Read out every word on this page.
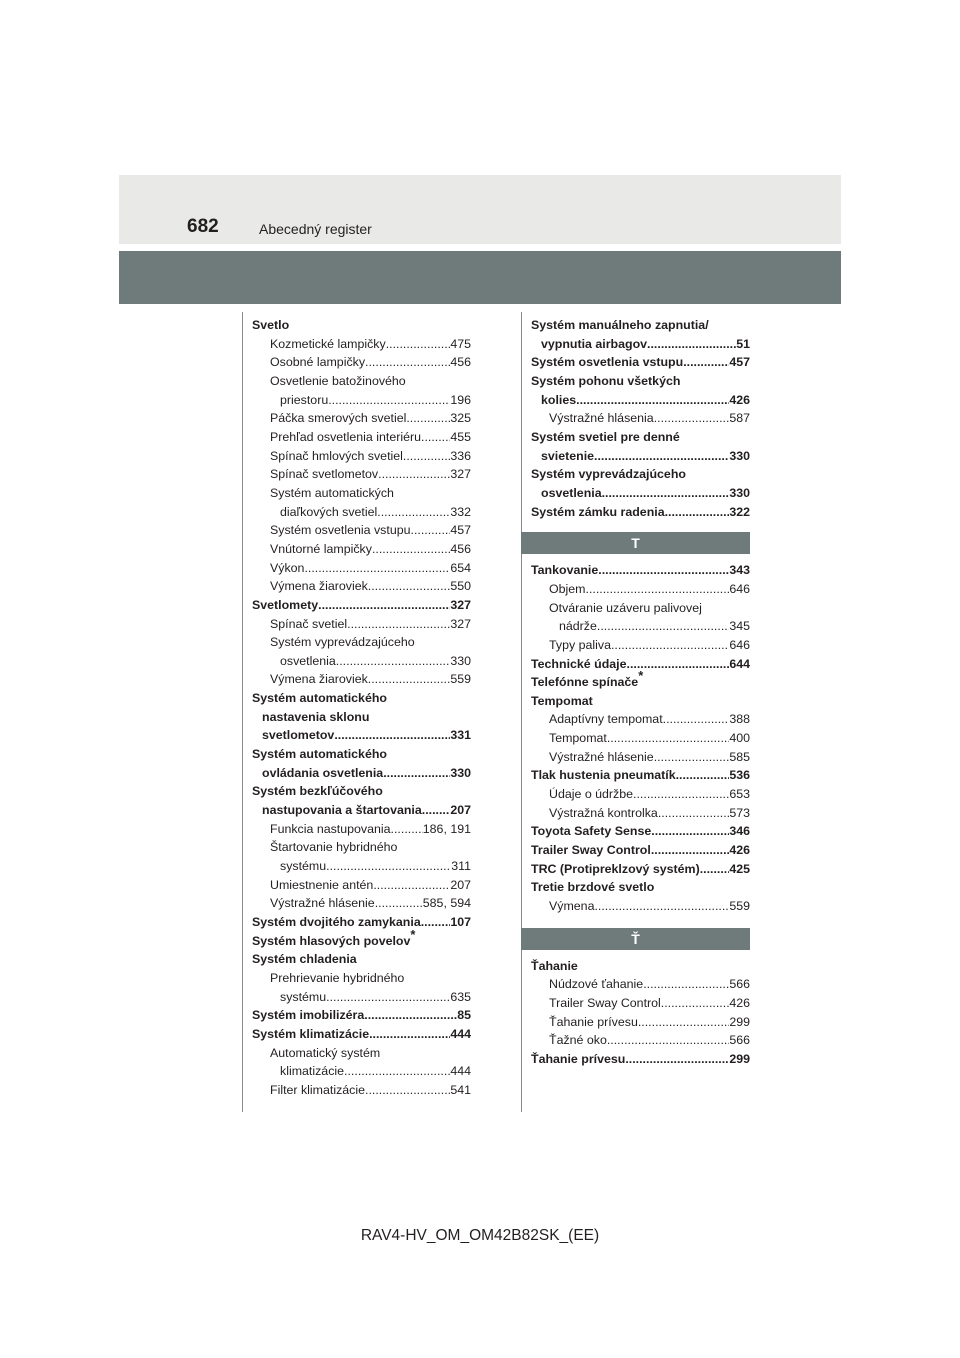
682	Abecedný register
Svetlo
Kozmetické lampičky .....	475
Osobné lampičky .....	456
Osvetlenie batožinového
priestoru .....	196
Páčka smerových svetiel .....	325
Prehľad osvetlenia interiéru ..... 455
Spínač hmlových svetiel .....	336
Spínač svetlometov .....	327
Systém automatických
diaľkových svetiel .....	332
Systém osvetlenia vstupu .....	457
Vnútorné lampičky .....	456
Výkon .....	654
Výmena žiaroviek .....	550
Svetlomety .....	327
Spínač svetiel .....	327
Systém vyprevádzajúceho
osvetlenia .....	330
Výmena žiaroviek .....	559
Systém automatického
nastavenia sklonu
svetlometov .....	331
Systém automatického
ovládania osvetlenia .....	330
Systém bezkľúčového
nastupovania a štartovania ..... 207
Funkcia nastupovania .....	186, 191
Štartovanie hybridného
systému .....	311
Umiestnenie antén .....	207
Výstražné hlásenie .....	585, 594
Systém dvojitého zamykania ..... 107
Systém hlasových povelov *
Systém chladenia
Prehrievanie hybridného
systému .....	635
Systém imobilizéra .....	85
Systém klimatizácie .....	444
Automatický systém
klimatizácie .....	444
Filter klimatizácie .....	541
Systém manuálneho zapnutia/
vypnutia airbagov .....	51
Systém osvetlenia vstupu .....	457
Systém pohonu všetkých
kolies .....	426
Výstražné hlásenia .....	587
Systém svetiel pre denné
svietenie .....	330
Systém vyprevádzajúceho
osvetlenia .....	330
Systém zámku radenia .....	322
T
Tankovanie .....	343
Objem .....	646
Otváranie uzáveru palivovej
nádrže .....	345
Typy paliva .....	646
Technické údaje .....	644
Telefónne spínače *
Tempomat
Adaptívny tempomat .....	388
Tempomat .....	400
Výstražné hlásenie .....	585
Tlak hustenia pneumatík .....	536
Údaje o údržbe .....	653
Výstražná kontrolka .....	573
Toyota Safety Sense .....	346
Trailer Sway Control .....	426
TRC (Protipreklzový systém) ..... 425
Tretie brzdové svetlo
Výmena .....	559
Ť
Ťahanie
Núdzové ťahanie .....	566
Trailer Sway Control .....	426
Ťahanie prívesu .....	299
Ťažné oko .....	566
Ťahanie prívesu .....	299
RAV4-HV_OM_OM42B82SK_(EE)
